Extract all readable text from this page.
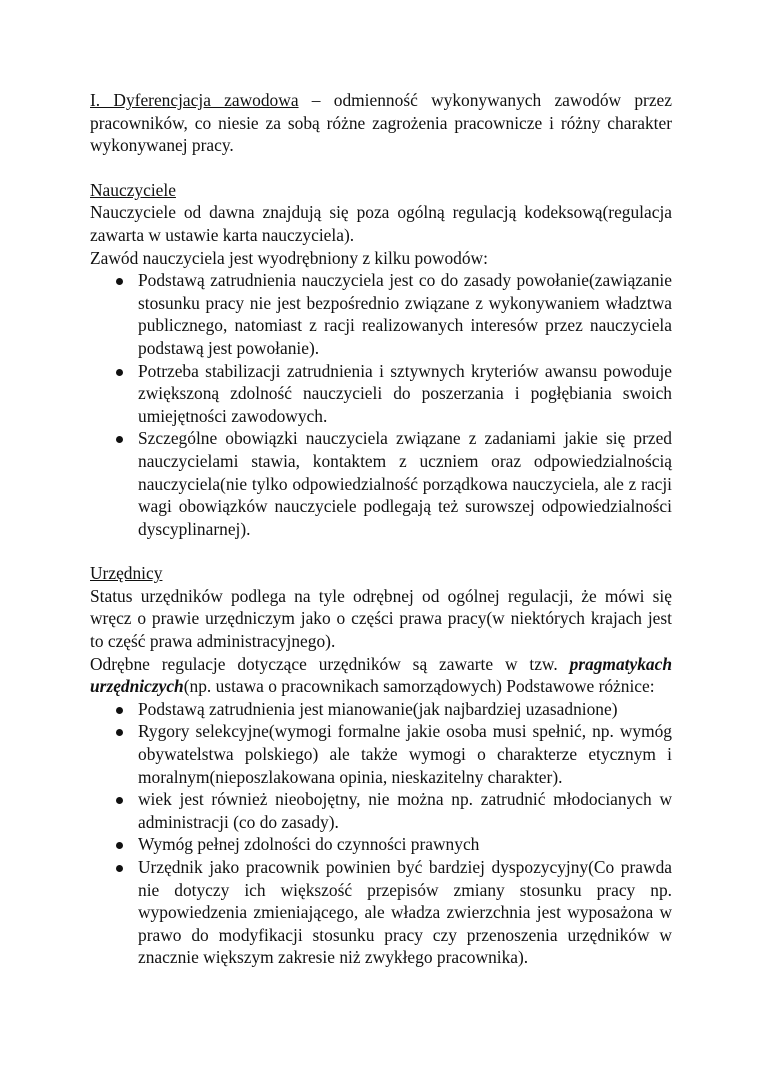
I. Dyferencjacja zawodowa – odmienność wykonywanych zawodów przez pracowników, co niesie za sobą różne zagrożenia pracownicze i różny charakter wykonywanej pracy.

Nauczyciele

Nauczyciele od dawna znajdują się poza ogólną regulacją kodeksową(regulacja zawarta w ustawie karta nauczyciela).

Zawód nauczyciela jest wyodrębniony z kilku powodów:

Podstawą zatrudnienia nauczyciela jest co do zasady powołanie(zawiązanie stosunku pracy nie jest bezpośrednio związane z wykonywaniem władztwa publicznego, natomiast z racji realizowanych interesów przez nauczyciela podstawą jest powołanie).
Potrzeba stabilizacji zatrudnienia i sztywnych kryteriów awansu powoduje zwiększoną zdolność nauczycieli do poszerzania i pogłębiania swoich umiejętności zawodowych.
Szczególne obowiązki nauczyciela związane z zadaniami jakie się przed nauczycielami stawia, kontaktem z uczniem oraz odpowiedzialnością nauczyciela(nie tylko odpowiedzialność porządkowa nauczyciela, ale z racji wagi obowiązków nauczyciele podlegają też surowszej odpowiedzialności dyscyplinarnej).

Urzędnicy

Status urzędników podlega na tyle odrębnej od ogólnej regulacji, że mówi się wręcz o prawie urzędniczym jako o części prawa pracy(w niektórych krajach jest to część prawa administracyjnego).

Odrębne regulacje dotyczące urzędników są zawarte w tzw. pragmatykach urzędniczych(np. ustawa o pracownikach samorządowych) Podstawowe różnice:

Podstawą zatrudnienia jest mianowanie(jak najbardziej uzasadnione)
Rygory selekcyjne(wymogi formalne jakie osoba musi spełnić, np. wymóg obywatelstwa polskiego) ale także wymogi o charakterze etycznym i moralnym(nieposzlakowana opinia, nieskazitelny charakter).
wiek jest również nieobojętny, nie można np. zatrudnić młodocianych w administracji (co do zasady).
Wymóg pełnej zdolności do czynności prawnych
Urzędnik jako pracownik powinien być bardziej dyspozycyjny(Co prawda nie dotyczy ich większość przepisów zmiany stosunku pracy np. wypowiedzenia zmieniającego, ale władza zwierzchnia jest wyposażona w prawo do modyfikacji stosunku pracy czy przenoszenia urzędników w znacznie większym zakresie niż zwykłego pracownika).
